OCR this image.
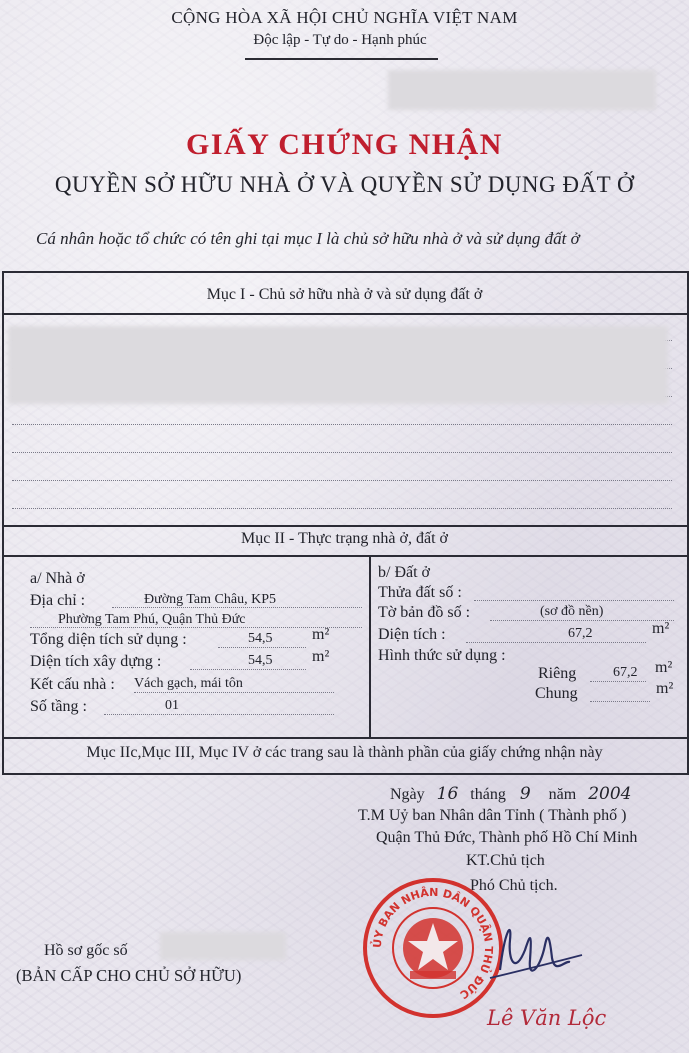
CỘNG HÒA XÃ HỘI CHỦ NGHĨA VIỆT NAM
Độc lập - Tự do - Hạnh phúc
GIẤY CHỨNG NHẬN
QUYỀN SỞ HỮU NHÀ Ở VÀ QUYỀN SỬ DỤNG ĐẤT Ở
Cá nhân hoặc tổ chức có tên ghi tại mục I là chủ sở hữu nhà ở và sử dụng đất ở
Mục I - Chủ sở hữu nhà ở và sử dụng đất ở
Mục II - Thực trạng nhà ở, đất ở
a/ Nhà ở
Địa chỉ :	Đường Tam Châu, KP5
Phường Tam Phú, Quận Thủ Đức
Tổng diện tích sử dụng :	54,5 m²
Diện tích xây dựng :	54,5 m²
Kết cấu nhà : Vách gạch, mái tôn
Số tầng :	01
b/ Đất ở
Thửa đất số :
Tờ bản đồ số :	(sơ đồ nền)
Diện tích :	67,2	m²
Hình thức sử dụng :
Riêng	67,2 m²
Chung	m²
Mục IIc,Mục III, Mục IV ở các trang sau là thành phần của giấy chứng nhận này
Ngày 16 tháng 9 năm 2004
T.M Uỷ ban Nhân dân Tỉnh ( Thành phố )
Quận Thủ Đức, Thành phố Hồ Chí Minh
KT.Chủ tịch
Phó Chủ tịch.
ỦY BAN NHÂN DÂN QUẬN THỦ ĐỨC
Lê Văn Lộc
Hồ sơ gốc số
(BẢN CẤP CHO CHỦ SỞ HỮU)
